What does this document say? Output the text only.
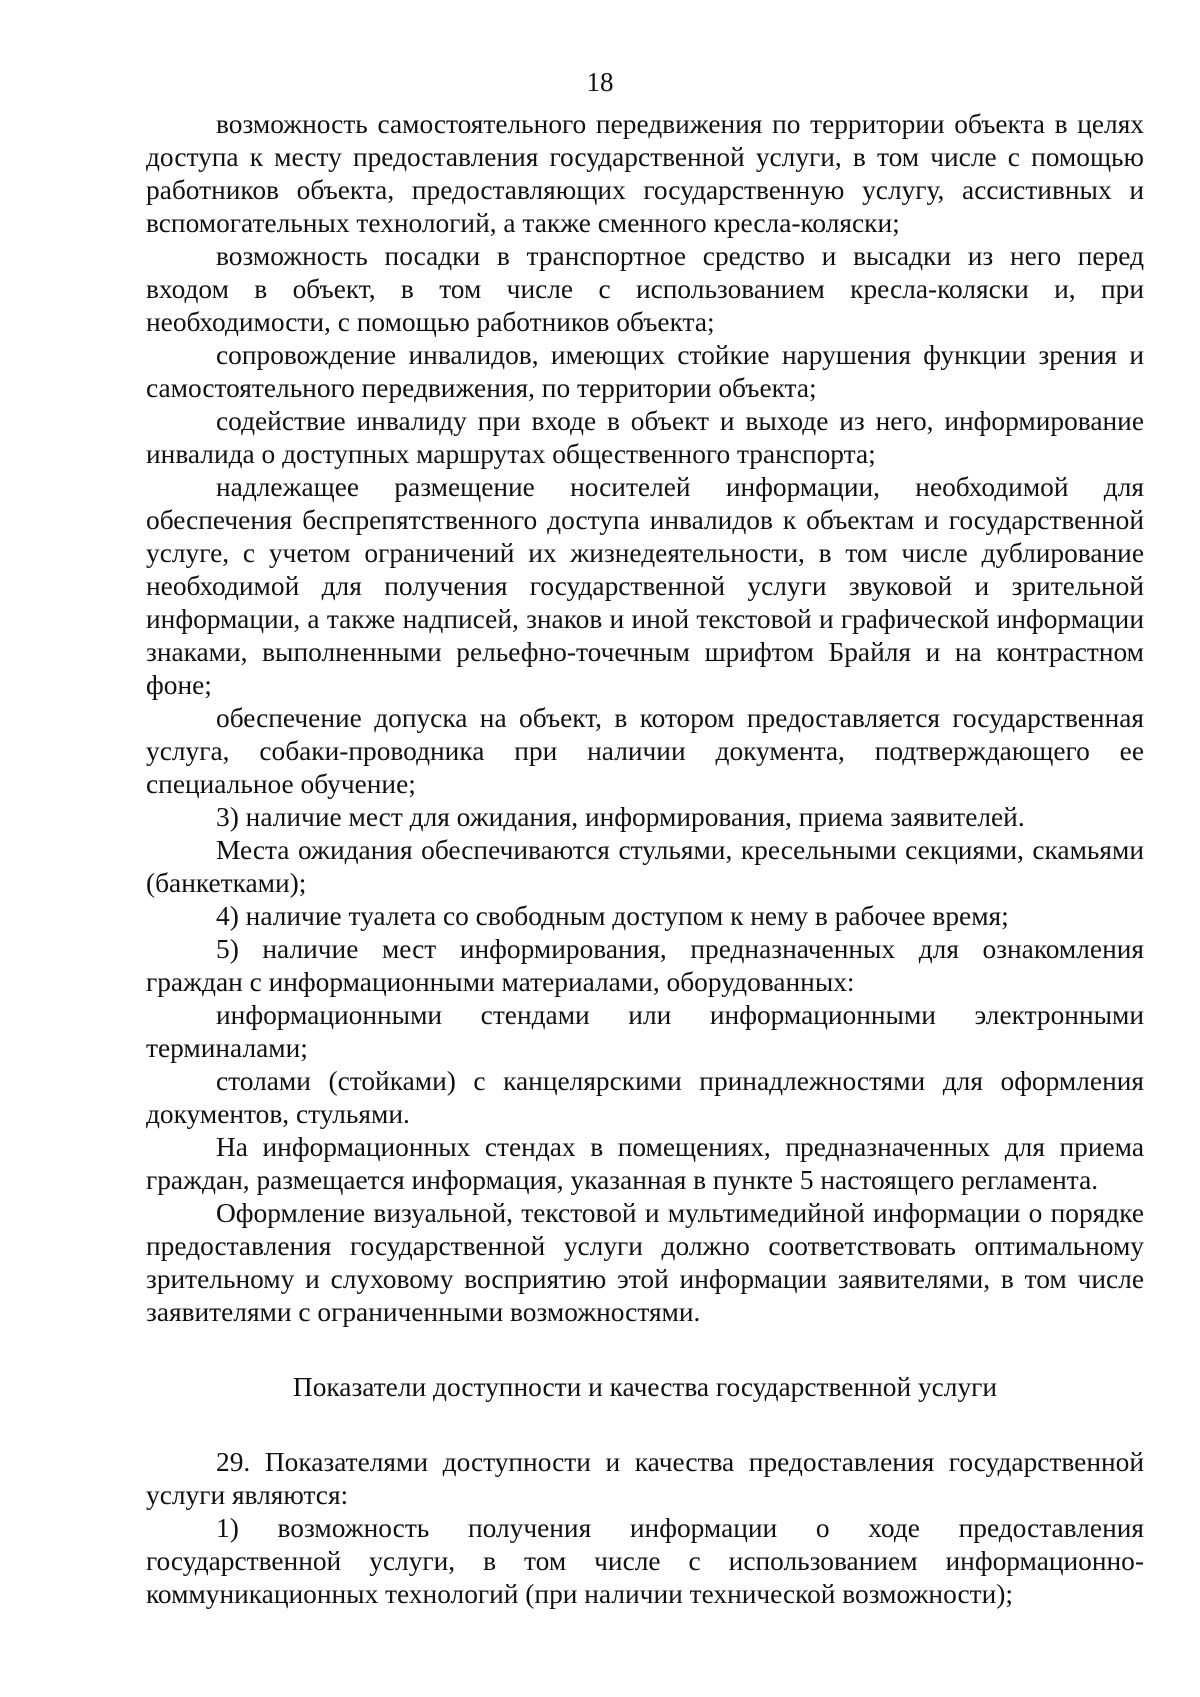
18

возможность самостоятельного передвижения по территории объекта в целях доступа к месту предоставления государственной услуги, в том числе с помощью работников объекта, предоставляющих государственную услугу, ассистивных и вспомогательных технологий, а также сменного кресла-коляски;

возможность посадки в транспортное средство и высадки из него перед входом в объект, в том числе с использованием кресла-коляски и, при необходимости, с помощью работников объекта;

сопровождение инвалидов, имеющих стойкие нарушения функции зрения и самостоятельного передвижения, по территории объекта;

содействие инвалиду при входе в объект и выходе из него, информирование инвалида о доступных маршрутах общественного транспорта;

надлежащее размещение носителей информации, необходимой для обеспечения беспрепятственного доступа инвалидов к объектам и государственной услуге, с учетом ограничений их жизнедеятельности, в том числе дублирование необходимой для получения государственной услуги звуковой и зрительной информации, а также надписей, знаков и иной текстовой и графической информации знаками, выполненными рельефно-точечным шрифтом Брайля и на контрастном фоне;

обеспечение допуска на объект, в котором предоставляется государственная услуга, собаки-проводника при наличии документа, подтверждающего ее специальное обучение;

3) наличие мест для ожидания, информирования, приема заявителей.

Места ожидания обеспечиваются стульями, кресельными секциями, скамьями (банкетками);

4) наличие туалета со свободным доступом к нему в рабочее время;

5) наличие мест информирования, предназначенных для ознакомления граждан с информационными материалами, оборудованных:

информационными стендами или информационными электронными терминалами;

столами (стойками) с канцелярскими принадлежностями для оформления документов, стульями.

На информационных стендах в помещениях, предназначенных для приема граждан, размещается информация, указанная в пункте 5 настоящего регламента.

Оформление визуальной, текстовой и мультимедийной информации о порядке предоставления государственной услуги должно соответствовать оптимальному зрительному и слуховому восприятию этой информации заявителями, в том числе заявителями с ограниченными возможностями.

Показатели доступности и качества государственной услуги

29. Показателями доступности и качества предоставления государственной услуги являются:

1) возможность получения информации о ходе предоставления государственной услуги, в том числе с использованием информационно-коммуникационных технологий (при наличии технической возможности);
